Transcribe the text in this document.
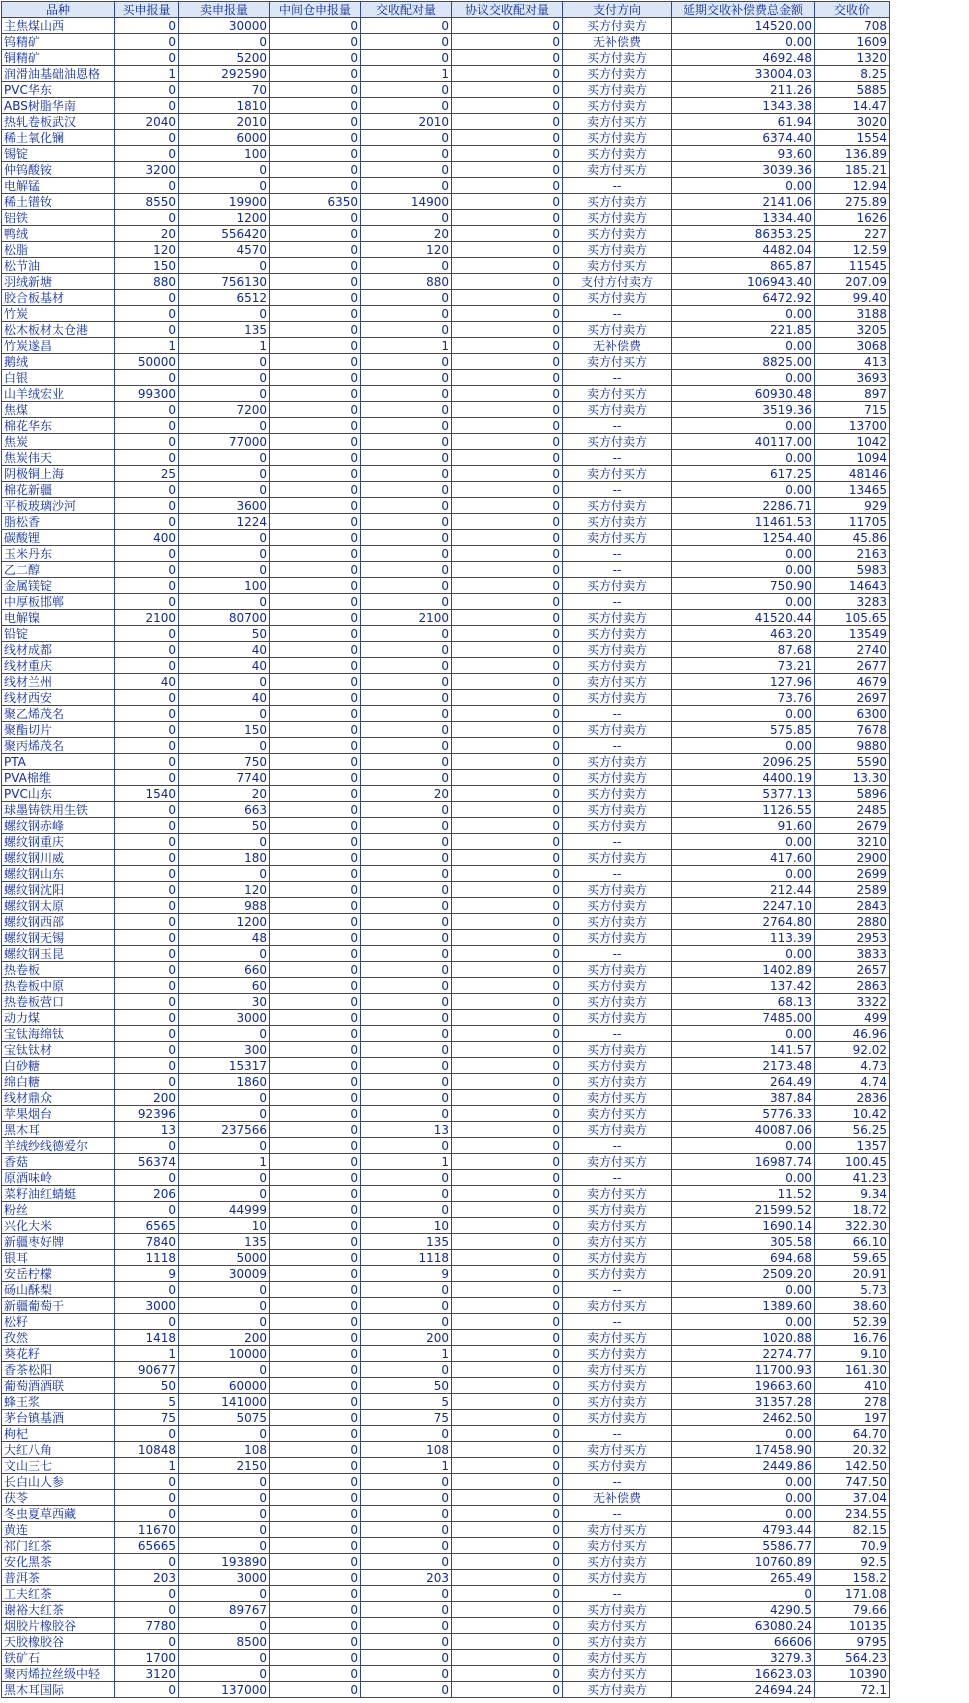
品种	买申报量	卖申报量	中间仓申报量	交收配对量	协议交收配对量	支付方向	延期交收补偿费总金额	交收价
主焦煤山西	0	30000	0	0	0	买方付卖方	14520.00	708
钨精矿	0	0	0	0	0	无补偿费	0.00	1609
铜精矿	0	5200	0	0	0	买方付卖方	4692.48	1320
润滑油基础油恩格	1	292590	0	1	0	买方付卖方	33004.03	8.25
PVC华东	0	70	0	0	0	买方付卖方	211.26	5885
ABS树脂华南	0	1810	0	0	0	买方付卖方	1343.38	14.47
热轧卷板武汉	2040	2010	0	2010	0	卖方付买方	61.94	3020
稀土氧化镧	0	6000	0	0	0	买方付卖方	6374.40	1554
锡锭	0	100	0	0	0	买方付卖方	93.60	136.89
仲钨酸铵	3200	0	0	0	0	卖方付买方	3039.36	185.21
电解锰	0	0	0	0	0	--	0.00	12.94
稀土镨钕	8550	19900	6350	14900	0	买方付卖方	2141.06	275.89
铝铁	0	1200	0	0	0	买方付卖方	1334.40	1626
鸭绒	20	556420	0	20	0	买方付卖方	86353.25	227
松脂	120	4570	0	120	0	买方付卖方	4482.04	12.59
松节油	150	0	0	0	0	卖方付买方	865.87	11545
羽绒新塘	880	756130	0	880	0	支付方付卖方	106943.40	207.09
胶合板基材	0	6512	0	0	0	买方付卖方	6472.92	99.40
竹炭	0	0	0	0	0	--	0.00	3188
松木板材太仓港	0	135	0	0	0	买方付卖方	221.85	3205
竹炭遂昌	1	1	0	1	0	无补偿费	0.00	3068
鹅绒	50000	0	0	0	0	卖方付买方	8825.00	413
白银	0	0	0	0	0	--	0.00	3693
山羊绒宏业	99300	0	0	0	0	卖方付买方	60930.48	897
焦煤	0	7200	0	0	0	买方付卖方	3519.36	715
棉花华东	0	0	0	0	0	--	0.00	13700
焦炭	0	77000	0	0	0	买方付卖方	40117.00	1042
焦炭伟天	0	0	0	0	0	--	0.00	1094
阴极铜上海	25	0	0	0	0	卖方付买方	617.25	48146
棉花新疆	0	0	0	0	0	--	0.00	13465
平板玻璃沙河	0	3600	0	0	0	买方付卖方	2286.71	929
脂松香	0	1224	0	0	0	买方付卖方	11461.53	11705
碳酸锂	400	0	0	0	0	卖方付买方	1254.40	45.86
玉米丹东	0	0	0	0	0	--	0.00	2163
乙二醇	0	0	0	0	0	--	0.00	5983
金属镁锭	0	100	0	0	0	买方付卖方	750.90	14643
中厚板邯郸	0	0	0	0	0	--	0.00	3283
电解镍	2100	80700	0	2100	0	买方付卖方	41520.44	105.65
铅锭	0	50	0	0	0	买方付卖方	463.20	13549
线材成都	0	40	0	0	0	买方付卖方	87.68	2740
线材重庆	0	40	0	0	0	买方付卖方	73.21	2677
线材兰州	40	0	0	0	0	卖方付买方	127.96	4679
线材西安	0	40	0	0	0	买方付卖方	73.76	2697
聚乙烯茂名	0	0	0	0	0	--	0.00	6300
聚酯切片	0	150	0	0	0	买方付卖方	575.85	7678
聚丙烯茂名	0	0	0	0	0	--	0.00	9880
PTA	0	750	0	0	0	买方付卖方	2096.25	5590
PVA棉维	0	7740	0	0	0	买方付卖方	4400.19	13.30
PVC山东	1540	20	0	20	0	买方付卖方	5377.13	5896
球墨铸铁用生铁	0	663	0	0	0	买方付卖方	1126.55	2485
螺纹钢赤峰	0	50	0	0	0	买方付卖方	91.60	2679
螺纹钢重庆	0	0	0	0	0	--	0.00	3210
螺纹钢川威	0	180	0	0	0	买方付卖方	417.60	2900
螺纹钢山东	0	0	0	0	0	--	0.00	2699
螺纹钢沈阳	0	120	0	0	0	买方付卖方	212.44	2589
螺纹钢太原	0	988	0	0	0	买方付卖方	2247.10	2843
螺纹钢西部	0	1200	0	0	0	买方付卖方	2764.80	2880
螺纹钢无锡	0	48	0	0	0	买方付卖方	113.39	2953
螺纹钢玉昆	0	0	0	0	0	--	0.00	3833
热卷板	0	660	0	0	0	买方付卖方	1402.89	2657
热卷板中原	0	60	0	0	0	买方付卖方	137.42	2863
热卷板营口	0	30	0	0	0	买方付卖方	68.13	3322
动力煤	0	3000	0	0	0	买方付卖方	7485.00	499
宝钛海绵钛	0	0	0	0	0	--	0.00	46.96
宝钛钛材	0	300	0	0	0	买方付卖方	141.57	92.02
白砂糖	0	15317	0	0	0	买方付卖方	2173.48	4.73
绵白糖	0	1860	0	0	0	买方付卖方	264.49	4.74
线材鼎众	200	0	0	0	0	卖方付买方	387.84	2836
苹果烟台	92396	0	0	0	0	卖方付买方	5776.33	10.42
黑木耳	13	237566	0	13	0	买方付卖方	40087.06	56.25
羊绒纱线德爱尔	0	0	0	0	0	--	0.00	1357
香菇	56374	1	0	1	0	卖方付买方	16987.74	100.45
原酒味岭	0	0	0	0	0	--	0.00	41.23
菜籽油红蜻蜓	206	0	0	0	0	卖方付买方	11.52	9.34
粉丝	0	44999	0	0	0	买方付卖方	21599.52	18.72
兴化大米	6565	10	0	10	0	卖方付买方	1690.14	322.30
新疆枣好牌	7840	135	0	135	0	卖方付买方	305.58	66.10
银耳	1118	5000	0	1118	0	买方付卖方	694.68	59.65
安岳柠檬	9	30009	0	9	0	买方付卖方	2509.20	20.91
砀山酥梨	0	0	0	0	0	--	0.00	5.73
新疆葡萄干	3000	0	0	0	0	卖方付买方	1389.60	38.60
松籽	0	0	0	0	0	--	0.00	52.39
孜然	1418	200	0	200	0	卖方付买方	1020.88	16.76
葵花籽	1	10000	0	1	0	买方付卖方	2274.77	9.10
香茶松阳	90677	0	0	0	0	卖方付买方	11700.93	161.30
葡萄酒酒联	50	60000	0	50	0	买方付卖方	19663.60	410
蜂王浆	5	141000	0	5	0	买方付卖方	31357.28	278
茅台镇基酒	75	5075	0	75	0	买方付卖方	2462.50	197
枸杞	0	0	0	0	0	--	0.00	64.70
大红八角	10848	108	0	108	0	卖方付买方	17458.90	20.32
文山三七	1	2150	0	1	0	买方付卖方	2449.86	142.50
长白山人参	0	0	0	0	0	--	0.00	747.50
茯苓	0	0	0	0	0	无补偿费	0.00	37.04
冬虫夏草西藏	0	0	0	0	0	--	0.00	234.55
黄连	11670	0	0	0	0	卖方付买方	4793.44	82.15
祁门红茶	65665	0	0	0	0	卖方付买方	5586.77	70.9
安化黑茶	0	193890	0	0	0	买方付卖方	10760.89	92.5
普洱茶	203	3000	0	203	0	买方付卖方	265.49	158.2
工夫红茶	0	0	0	0	0	--	0	171.08
谢裕大红茶	0	89767	0	0	0	买方付卖方	4290.5	79.66
烟胶片橡胶谷	7780	0	0	0	0	卖方付买方	63080.24	10135
天胶橡胶谷	0	8500	0	0	0	买方付卖方	66606	9795
铁矿石	1700	0	0	0	0	卖方付买方	3279.3	564.23
聚丙烯拉丝级中轻	3120	0	0	0	0	卖方付买方	16623.03	10390
黑木耳国际	0	137000	0	0	0	买方付卖方	24694.24	72.1
